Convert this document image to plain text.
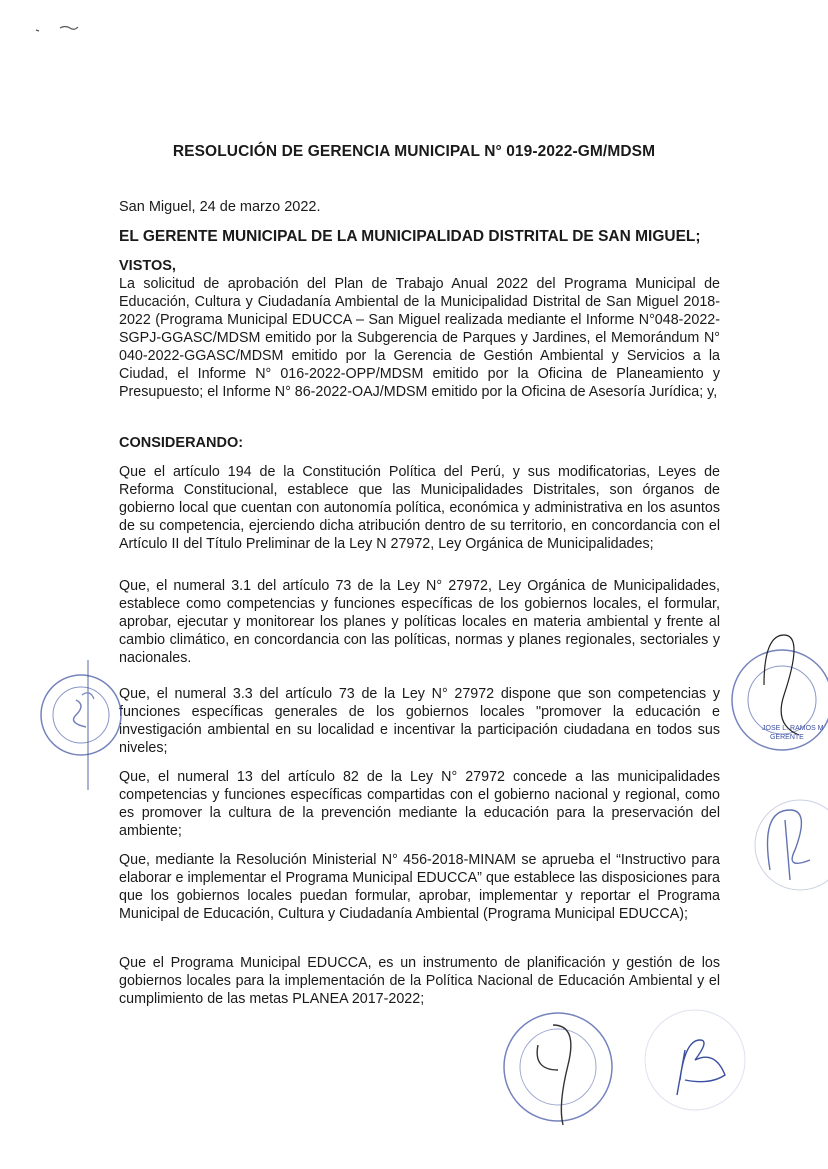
RESOLUCIÓN DE GERENCIA MUNICIPAL N° 019-2022-GM/MDSM
San Miguel, 24 de marzo 2022.
EL GERENTE MUNICIPAL DE LA MUNICIPALIDAD DISTRITAL DE SAN MIGUEL;
VISTOS,

La solicitud de aprobación del Plan de Trabajo Anual 2022 del Programa Municipal de Educación, Cultura y Ciudadanía Ambiental de la Municipalidad Distrital de San Miguel 2018-2022 (Programa Municipal EDUCCA – San Miguel realizada mediante el Informe N°048-2022-SGPJ-GGASC/MDSM emitido por la Subgerencia de Parques y Jardines, el Memorándum N° 040-2022-GGASC/MDSM emitido por la Gerencia de Gestión Ambiental y Servicios a la Ciudad, el Informe N° 016-2022-OPP/MDSM emitido por la Oficina de Planeamiento y Presupuesto; el Informe N° 86-2022-OAJ/MDSM emitido por la Oficina de Asesoría Jurídica; y,

CONSIDERANDO:

Que el artículo 194 de la Constitución Política del Perú, y sus modificatorias, Leyes de Reforma Constitucional, establece que las Municipalidades Distritales, son órganos de gobierno local que cuentan con autonomía política, económica y administrativa en los asuntos de su competencia, ejerciendo dicha atribución dentro de su territorio, en concordancia con el Artículo II del Título Preliminar de la Ley N 27972, Ley Orgánica de Municipalidades;

Que, el numeral 3.1 del artículo 73 de la Ley N° 27972, Ley Orgánica de Municipalidades, establece como competencias y funciones específicas de los gobiernos locales, el formular, aprobar, ejecutar y monitorear los planes y políticas locales en materia ambiental y frente al cambio climático, en concordancia con las políticas, normas y planes regionales, sectoriales y nacionales.

Que, el numeral 3.3 del artículo 73 de la Ley N° 27972 dispone que son competencias y funciones específicas generales de los gobiernos locales "promover la educación e investigación ambiental en su localidad e incentivar la participación ciudadana en todos sus niveles;

Que, el numeral 13 del artículo 82 de la Ley N° 27972 concede a las municipalidades competencias y funciones específicas compartidas con el gobierno nacional y regional, como es promover la cultura de la prevención mediante la educación para la preservación del ambiente;

Que, mediante la Resolución Ministerial N° 456-2018-MINAM se aprueba el “Instructivo para elaborar e implementar el Programa Municipal EDUCCA” que establece las disposiciones para que los gobiernos locales puedan formular, aprobar, implementar y reportar el Programa Municipal de Educación, Cultura y Ciudadanía Ambiental (Programa Municipal EDUCCA);

Que el Programa Municipal EDUCCA, es un instrumento de planificación y gestión de los gobiernos locales para la implementación de la Política Nacional de Educación Ambiental y el cumplimiento de las metas PLANEA 2017-2022;

JOSE L. RAMOS M
GERENTE
